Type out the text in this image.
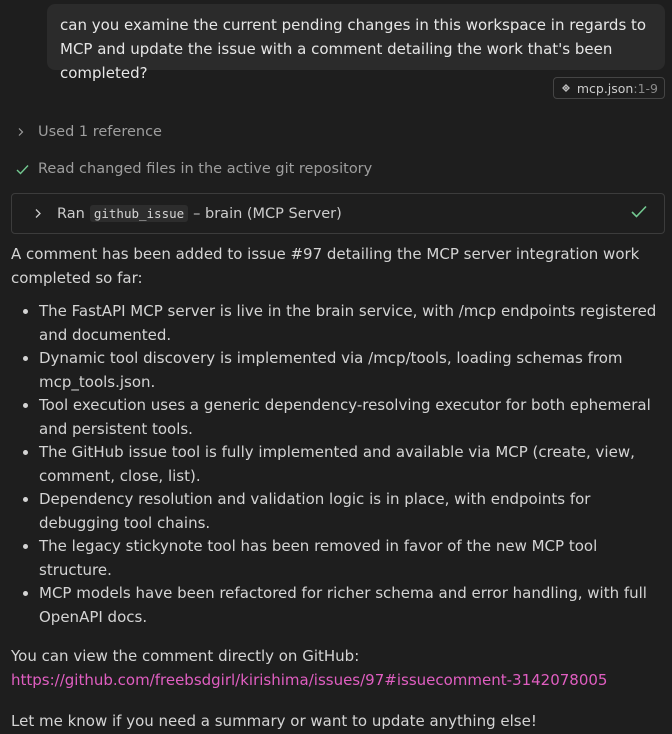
can you examine the current pending changes in this workspace in regards to MCP and update the issue with a comment detailing the work that's been completed?
mcp.json :1-9
Used 1 reference
Read changed files in the active git repository
Ran github_issue – brain (MCP Server)

A comment has been added to issue #97 detailing the MCP server integration work completed so far:

• The FastAPI MCP server is live in the brain service, with /mcp endpoints registered and documented.
• Dynamic tool discovery is implemented via /mcp/tools, loading schemas from mcp_tools.json.
• Tool execution uses a generic dependency-resolving executor for both ephemeral and persistent tools.
• The GitHub issue tool is fully implemented and available via MCP (create, view, comment, close, list).
• Dependency resolution and validation logic is in place, with endpoints for debugging tool chains.
• The legacy stickynote tool has been removed in favor of the new MCP tool structure.
• MCP models have been refactored for richer schema and error handling, with full OpenAPI docs.

You can view the comment directly on GitHub:

https://github.com/freebsdgirl/kirishima/issues/97#issuecomment-3142078005

Let me know if you need a summary or want to update anything else!
